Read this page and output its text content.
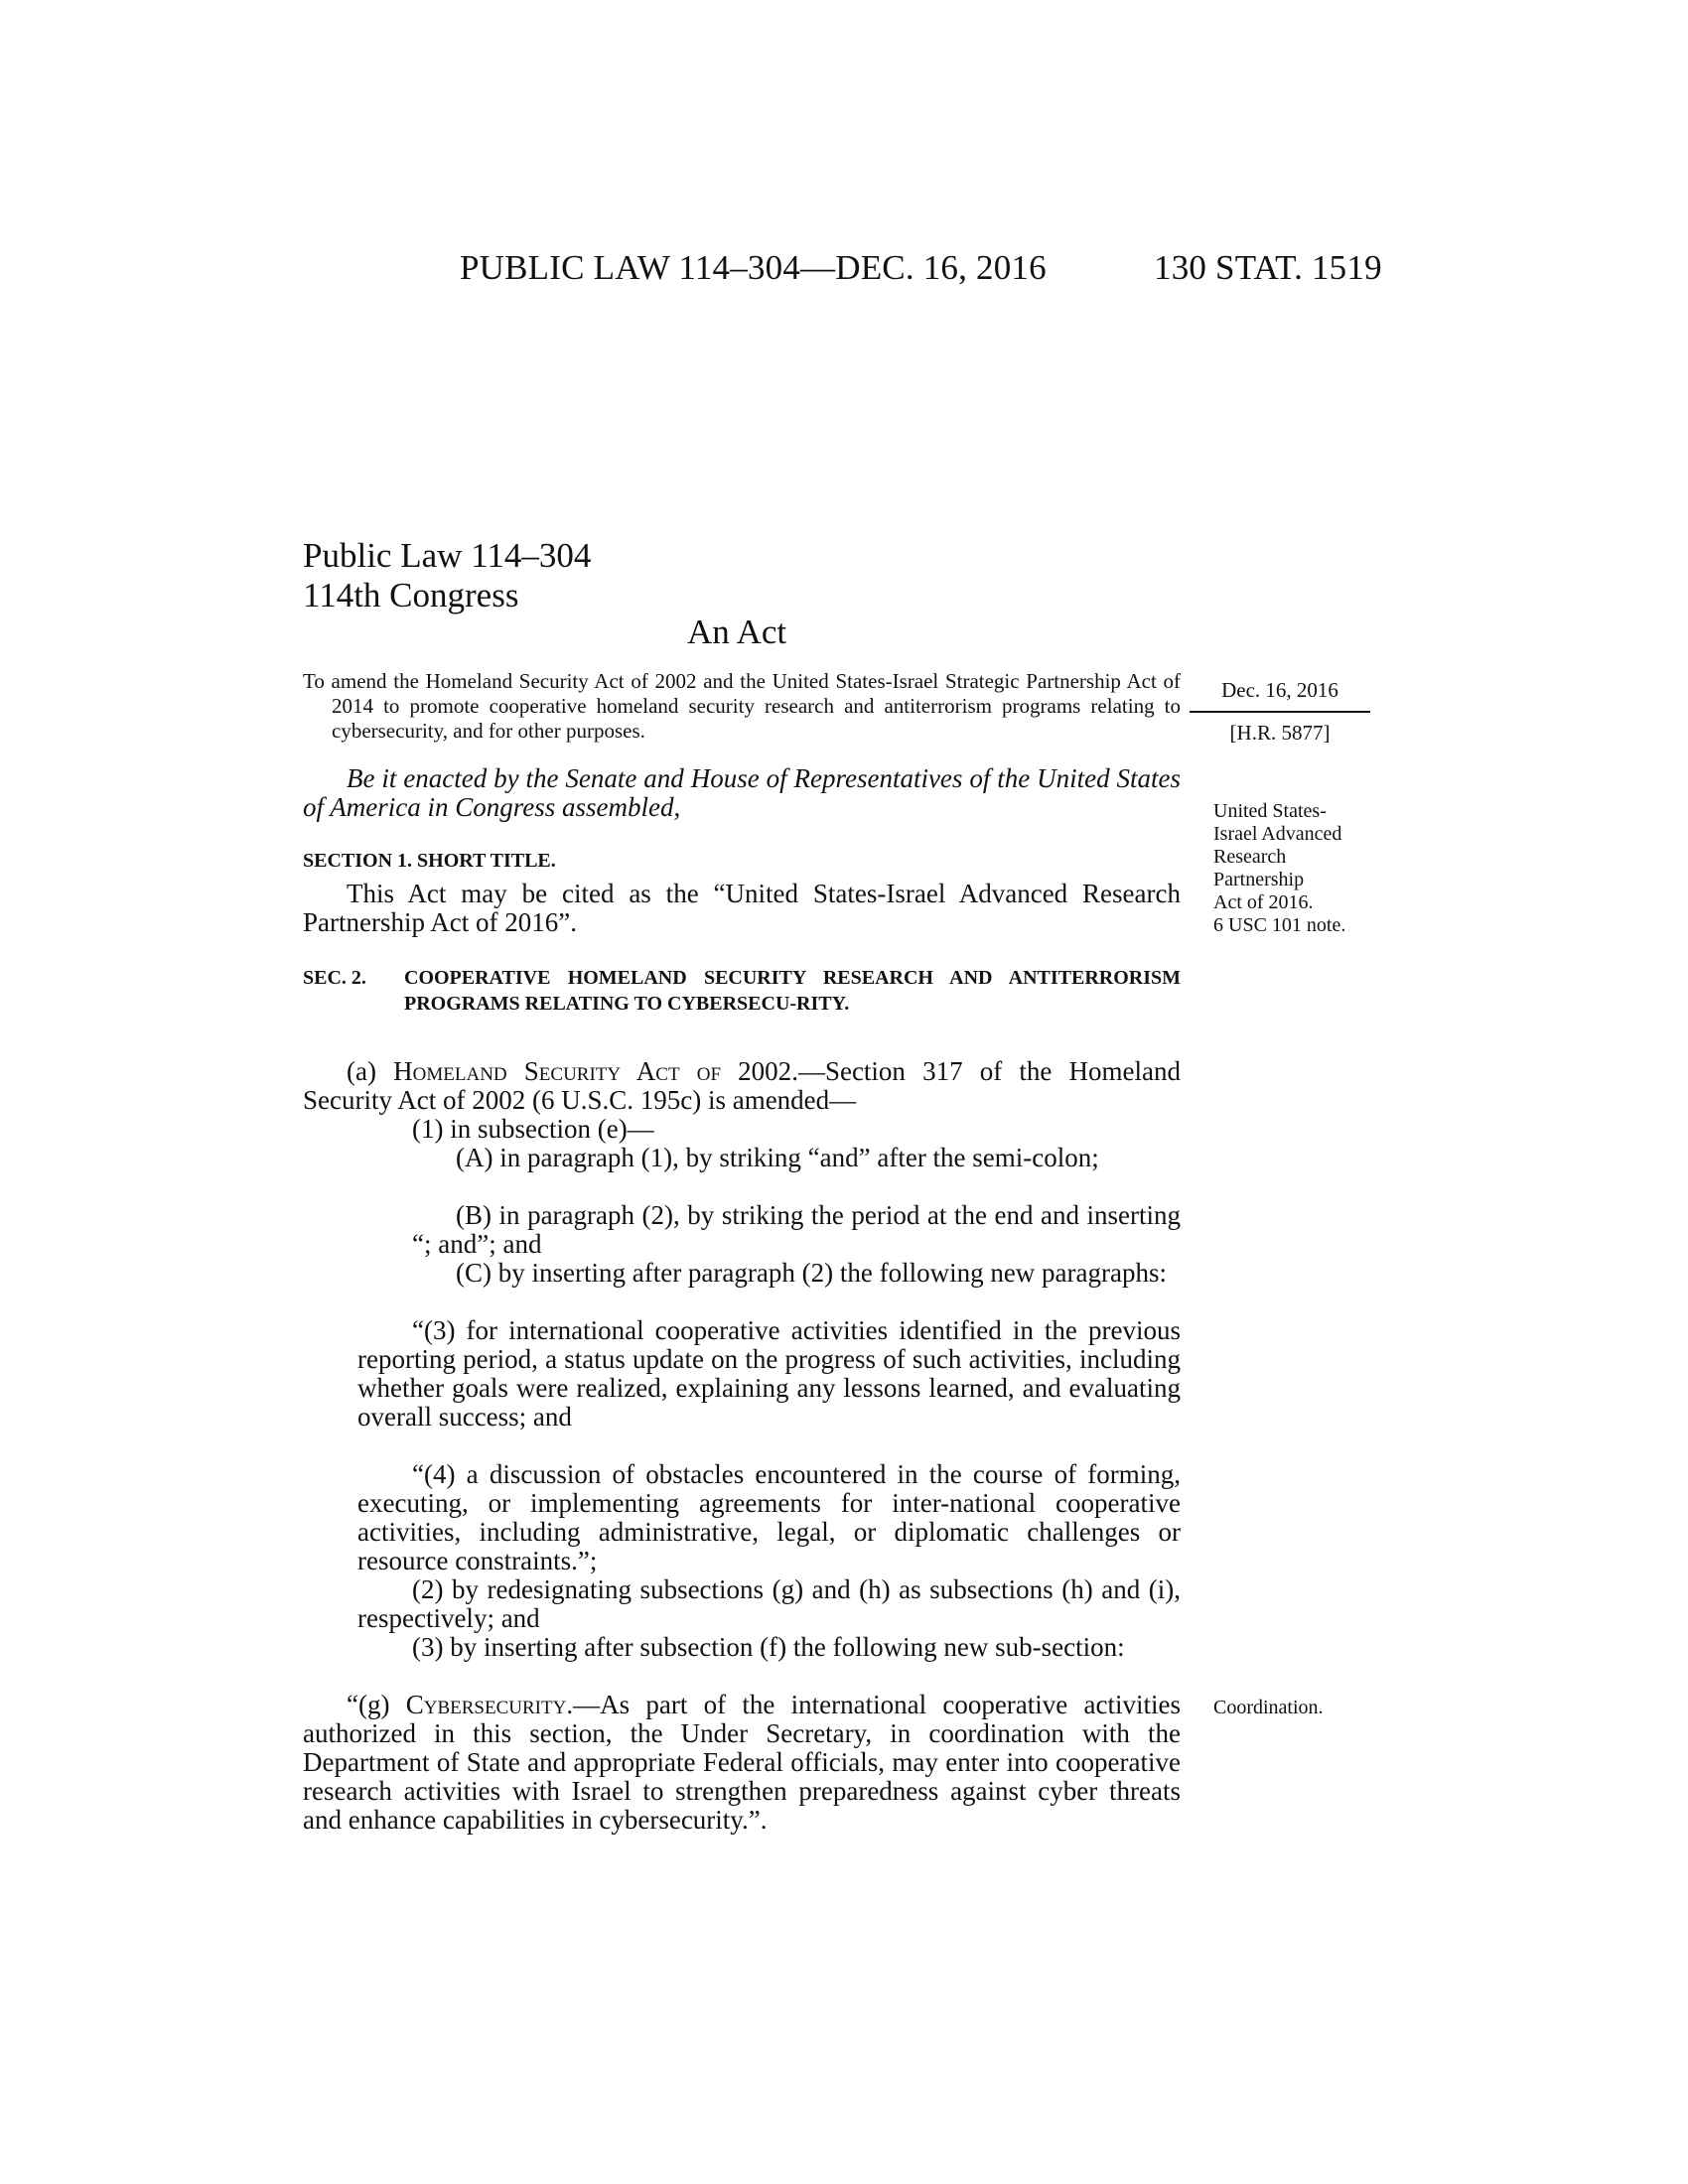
PUBLIC LAW 114–304—DEC. 16, 2016	130 STAT. 1519
Public Law 114–304
114th Congress
An Act
To amend the Homeland Security Act of 2002 and the United States-Israel Strategic Partnership Act of 2014 to promote cooperative homeland security research and antiterrorism programs relating to cybersecurity, and for other purposes.
Dec. 16, 2016
[H.R. 5877]
Be it enacted by the Senate and House of Representatives of the United States of America in Congress assembled,	United States-
Israel Advanced
Research
Partnership
Act of 2016.
6 USC 101 note.
SECTION 1. SHORT TITLE.
This Act may be cited as the “United States-Israel Advanced Research Partnership Act of 2016”.
SEC. 2.	COOPERATIVE HOMELAND SECURITY RESEARCH AND ANTITERRORISM PROGRAMS RELATING TO CYBERSECU-RITY.
(a) Homeland Security Act of 2002.—Section 317 of the Homeland Security Act of 2002 (6 U.S.C. 195c) is amended—
(1) in subsection (e)—
(A) in paragraph (1), by striking “and” after the semi-colon;
(B) in paragraph (2), by striking the period at the end and inserting “; and”; and
(C) by inserting after paragraph (2) the following new paragraphs:
“(3) for international cooperative activities identified in the previous reporting period, a status update on the progress of such activities, including whether goals were realized, explaining any lessons learned, and evaluating overall success; and
“(4) a discussion of obstacles encountered in the course of forming, executing, or implementing agreements for inter-national cooperative activities, including administrative, legal, or diplomatic challenges or resource constraints.”;
(2) by redesignating subsections (g) and (h) as subsections (h) and (i), respectively; and
(3) by inserting after subsection (f) the following new sub-section:
“(g) Cybersecurity.—As part of the international cooperative activities authorized in this section, the Under Secretary, in coordination with the Department of State and appropriate Federal officials, may enter into cooperative research activities with Israel to strengthen preparedness against cyber threats and enhance capabilities in cybersecurity.”.
Coordination.
